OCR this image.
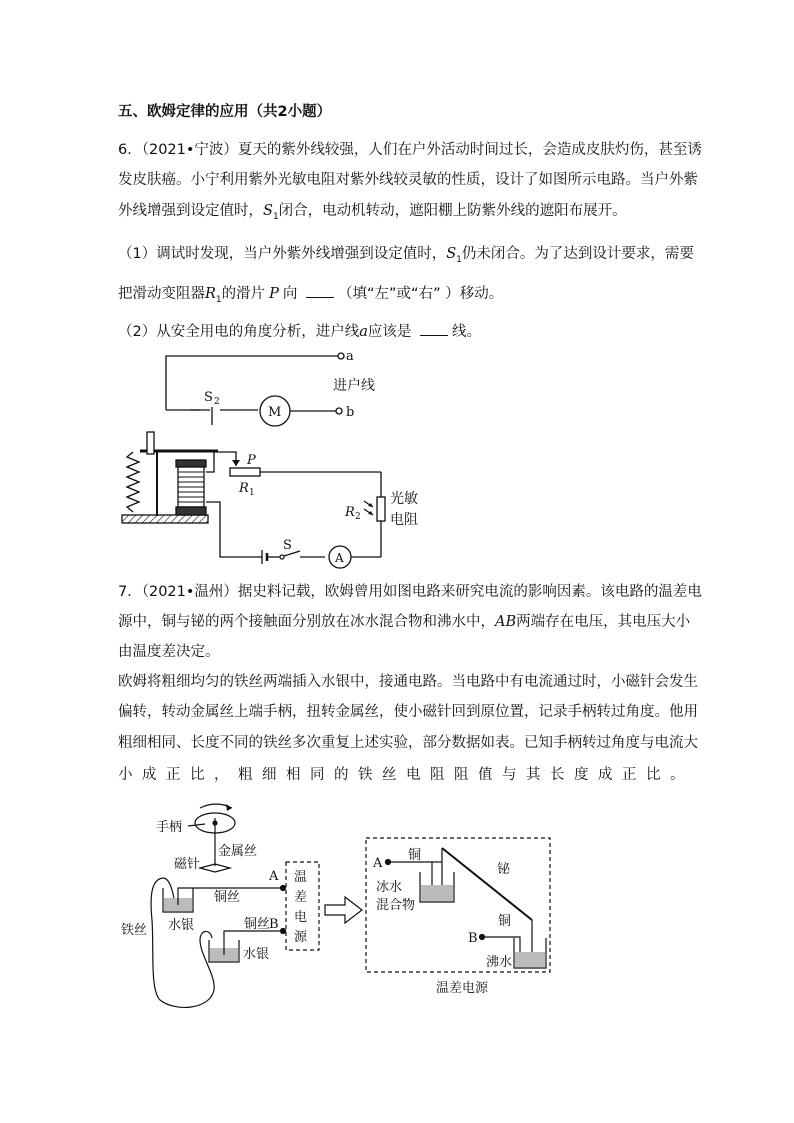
五、欧姆定律的应用（共2小题）
6．（2021•宁波）夏天的紫外线较强，人们在户外活动时间过长，会造成皮肤灼伤，甚至诱
发皮肤癌。小宁利用紫外光敏电阻对紫外线较灵敏的性质，设计了如图所示电路。当户外紫
外线增强到设定值时，$S_1$闭合，电动机转动，遮阳棚上防紫外线的遮阳布展开。
（1）调试时发现，当户外紫外线增强到设定值时，$S_1$仍未闭合。为了达到设计要求，需要
把滑动变阻器$R_1$的滑片 P 向	（填“左”或“右” ）移动。
（2）从安全用电的角度分析，进户线a应该是	线。
a
b
进户线
S 2
M
P
R 1
R 2
光敏
电阻
S
A
7．（2021•温州）据史料记载，欧姆曾用如图电路来研究电流的影响因素。该电路的温差电
源中，铜与铋的两个接触面分别放在冰水混合物和沸水中，AB两端存在电压，其电压大小
由温度差决定。
欧姆将粗细均匀的铁丝两端插入水银中，接通电路。当电路中有电流通过时，小磁针会发生
偏转，转动金属丝上端手柄，扭转金属丝，使小磁针回到原位置，记录手柄转过角度。他用
粗细相同、长度不同的铁丝多次重复上述实验，部分数据如表。已知手柄转过角度与电流大
小成正比，粗细相同的铁丝电阻阻值与其长度成正比。
手柄
金属丝
磁针
铜丝
铜丝
水银
水银
铁丝
A
B
温
差
电
源
A
B
铜
铜
铋
冰水
混合物
沸水
温差电源
